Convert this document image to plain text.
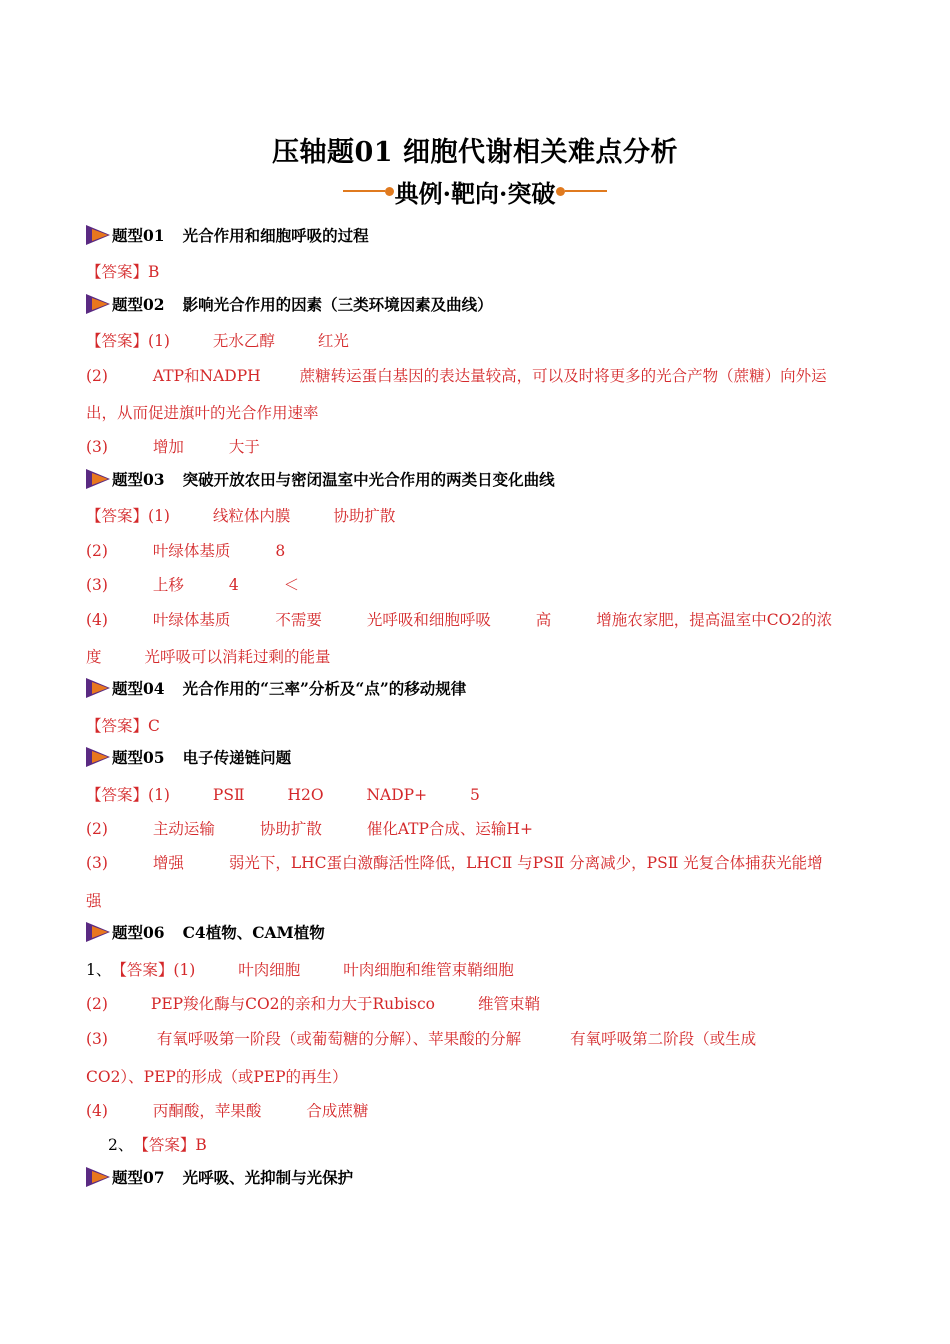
压轴题01 细胞代谢相关难点分析
典例·靶向·突破
题型01 光合作用和细胞呼吸的过程
【答案】B
题型02 影响光合作用的因素（三类环境因素及曲线）
【答案】(1)	无水乙醇	红光
(2)	ATP和NADPH	蔗糖转运蛋白基因的表达量较高，可以及时将更多的光合产物（蔗糖）向外运
出，从而促进旗叶的光合作用速率
(3)	增加	大于
题型03 突破开放农田与密闭温室中光合作用的两类日变化曲线
【答案】(1)	线粒体内膜	协助扩散
(2)	叶绿体基质	8
(3)	上移	4	＜
(4)	叶绿体基质	不需要	光呼吸和细胞呼吸	高	增施农家肥，提高温室中CO2的浓
度	光呼吸可以消耗过剩的能量
题型04 光合作用的“三率”分析及“点”的移动规律
【答案】C
题型05 电子传递链问题
【答案】(1)	PSⅡ	H2O	NADP+	5
(2)	主动运输	协助扩散	催化ATP合成、运输H+
(3)	增强	弱光下，LHC蛋白激酶活性降低，LHCⅡ 与PSⅡ 分离减少，PSⅡ 光复合体捕获光能增
强
题型06 C4植物、CAM植物
1、【答案】(1)	叶肉细胞	叶肉细胞和维管束鞘细胞
(2)	PEP羧化酶与CO2的亲和力大于Rubisco	维管束鞘
(3)	有氧呼吸第一阶段（或葡萄糖的分解）、苹果酸的分解	有氧呼吸第二阶段（或生成
CO2）、PEP的形成（或PEP的再生）
(4)	丙酮酸，苹果酸	合成蔗糖
2、【答案】B
题型07 光呼吸、光抑制与光保护
